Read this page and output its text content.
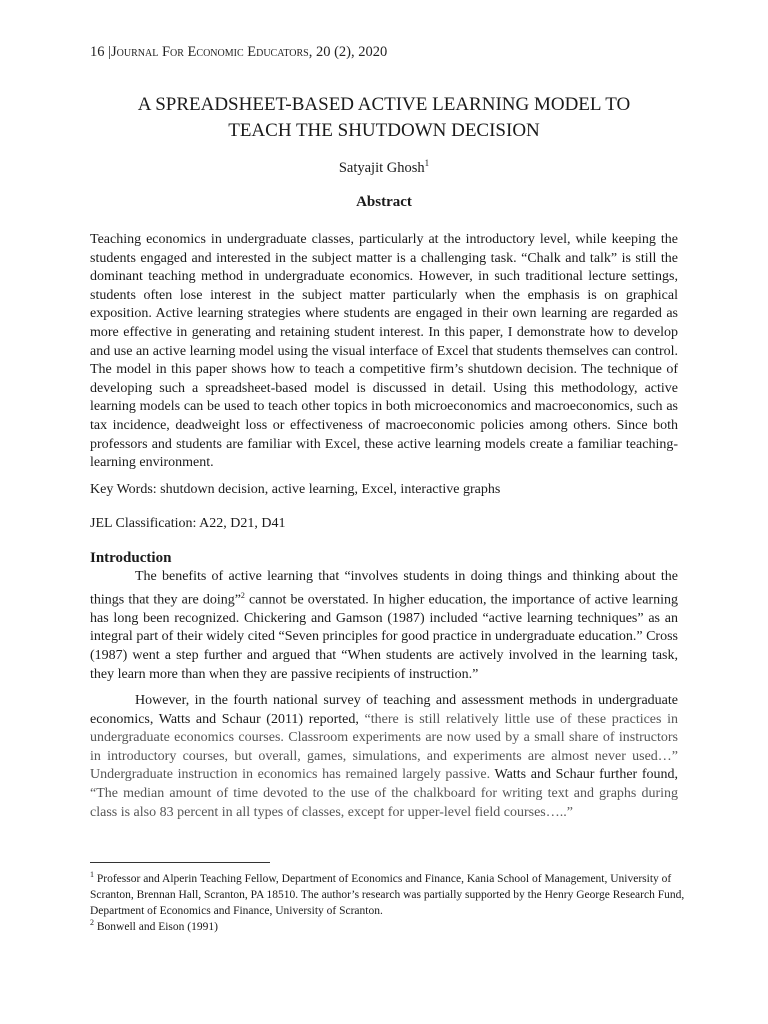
16 |Journal For Economic Educators, 20 (2), 2020
A SPREADSHEET-BASED ACTIVE LEARNING MODEL TO
TEACH THE SHUTDOWN DECISION
Satyajit Ghosh$^1$
Abstract
Teaching economics in undergraduate classes, particularly at the introductory level, while keeping the students engaged and interested in the subject matter is a challenging task. “Chalk and talk” is still the dominant teaching method in undergraduate economics. However, in such traditional lecture settings, students often lose interest in the subject matter particularly when the emphasis is on graphical exposition. Active learning strategies where students are engaged in their own learning are regarded as more effective in generating and retaining student interest. In this paper, I demonstrate how to develop and use an active learning model using the visual interface of Excel that students themselves can control. The model in this paper shows how to teach a competitive firm’s shutdown decision. The technique of developing such a spreadsheet-based model is discussed in detail. Using this methodology, active learning models can be used to teach other topics in both microeconomics and macroeconomics, such as tax incidence, deadweight loss or effectiveness of macroeconomic policies among others. Since both professors and students are familiar with Excel, these active learning models create a familiar teaching-learning environment.
Key Words: shutdown decision, active learning, Excel, interactive graphs
JEL Classification: A22, D21, D41
Introduction
The benefits of active learning that “involves students in doing things and thinking about the things that they are doing”$^2$ cannot be overstated. In higher education, the importance of active learning has long been recognized. Chickering and Gamson (1987) included “active learning techniques” as an integral part of their widely cited “Seven principles for good practice in undergraduate education.” Cross (1987) went a step further and argued that “When students are actively involved in the learning task, they learn more than when they are passive recipients of instruction.”
However, in the fourth national survey of teaching and assessment methods in undergraduate economics, Watts and Schaur (2011) reported, “there is still relatively little use of these practices in undergraduate economics courses. Classroom experiments are now used by a small share of instructors in introductory courses, but overall, games, simulations, and experiments are almost never used…” Undergraduate instruction in economics has remained largely passive. Watts and Schaur further found, “The median amount of time devoted to the use of the chalkboard for writing text and graphs during class is also 83 percent in all types of classes, except for upper-level field courses…..”
$^1$ Professor and Alperin Teaching Fellow, Department of Economics and Finance, Kania School of Management, University of Scranton, Brennan Hall, Scranton, PA 18510. The author’s research was partially supported by the Henry George Research Fund, Department of Economics and Finance, University of Scranton.
$^2$ Bonwell and Eison (1991)
